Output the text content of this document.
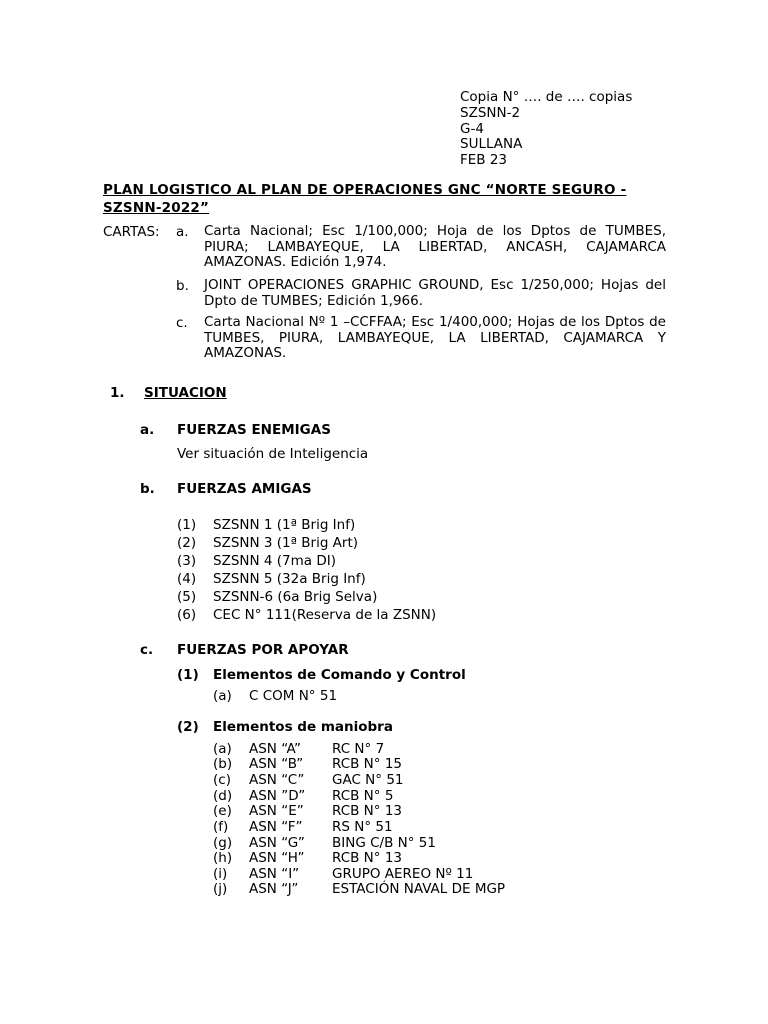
Copia N° …. de …. copias
SZSNN-2
G-4
SULLANA
FEB 23
PLAN LOGISTICO AL PLAN DE OPERACIONES GNC “NORTE SEGURO -
SZSNN-2022”
CARTAS: a. Carta Nacional; Esc 1/100,000; Hoja de los Dptos de TUMBES, PIURA; LAMBAYEQUE, LA LIBERTAD, ANCASH, CAJAMARCA AMAZONAS. Edición 1,974.
b. JOINT OPERACIONES GRAPHIC GROUND, Esc 1/250,000; Hojas del Dpto de TUMBES; Edición 1,966.
c. Carta Nacional Nº 1 –CCFFAA; Esc 1/400,000; Hojas de los Dptos de TUMBES, PIURA, LAMBAYEQUE, LA LIBERTAD, CAJAMARCA Y AMAZONAS.
1. SITUACION
a. FUERZAS ENEMIGAS
Ver situación de Inteligencia
b. FUERZAS AMIGAS
(1) SZSNN 1 (1ª Brig Inf)
(2) SZSNN 3 (1ª Brig Art)
(3) SZSNN 4 (7ma DI)
(4) SZSNN 5 (32a Brig Inf)
(5) SZSNN-6 (6a Brig Selva)
(6) CEC N° 111(Reserva de la ZSNN)
c. FUERZAS POR APOYAR
(1) Elementos de Comando y Control
(a) C COM N° 51
(2) Elementos de maniobra
(a) ASN “A” RC N° 7
(b) ASN “B” RCB N° 15
(c) ASN “C” GAC N° 51
(d) ASN ”D” RCB N° 5
(e) ASN “E” RCB N° 13
(f) ASN “F” RS N° 51
(g) ASN “G” BING C/B N° 51
(h) ASN “H” RCB N° 13
(i) ASN “I” GRUPO AEREO Nº 11
(j) ASN “J” ESTACIÓN NAVAL DE MGP
